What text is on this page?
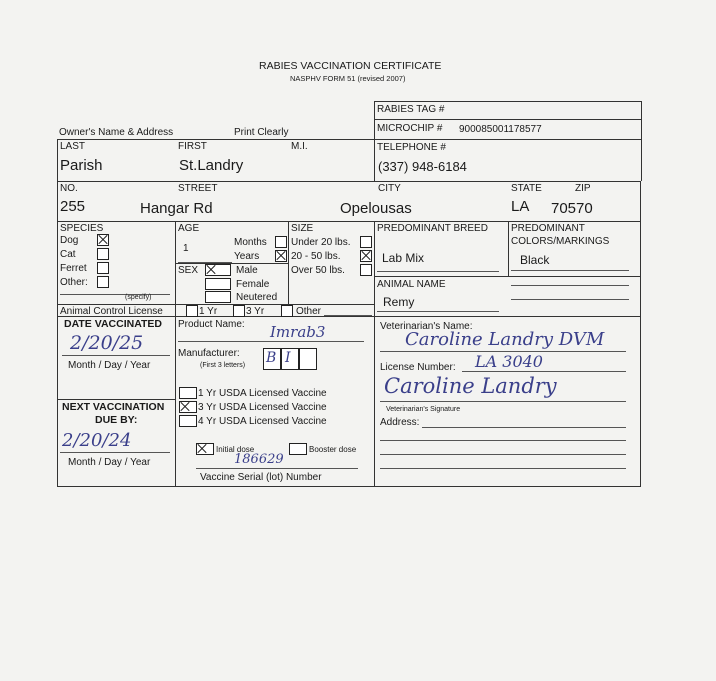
RABIES VACCINATION CERTIFICATE
NASPHV FORM 51 (revised 2007)
RABIES TAG #
MICROCHIP # 900085001178577
TELEPHONE #
(337) 948-6184
Owner's Name & Address	Print Clearly
LAST	FIRST	M.I.
Parish	St.Landry
NO.	STREET	CITY	STATE	ZIP
255	Hangar Rd	Opelousas	LA 70570
SPECIES
Dog
Cat
Ferret
Other:
(specify)
AGE
1
Months
Years
SEX	Male
Female
Neutered
SIZE
Under 20 lbs.
20 - 50 lbs.
Over 50 lbs.
PREDOMINANT BREED
Lab Mix
PREDOMINANT
COLORS/MARKINGS
Black
ANIMAL NAME
Remy
Animal Control License	1 Yr	3 Yr	Other
DATE VACCINATED
2/20/25
Month / Day / Year
Product Name: Imrab3
Manufacturer:
(First 3 letters) B I
1 Yr USDA Licensed Vaccine
3 Yr USDA Licensed Vaccine
4 Yr USDA Licensed Vaccine
NEXT VACCINATION
DUE BY:
2/20/24
Month / Day / Year
Initial dose	Booster dose
186629
Vaccine Serial (lot) Number
Veterinarian's Name:
Caroline Landry DVM
License Number: LA 3040
Caroline Landry
Veterinarian's Signature
Address:
